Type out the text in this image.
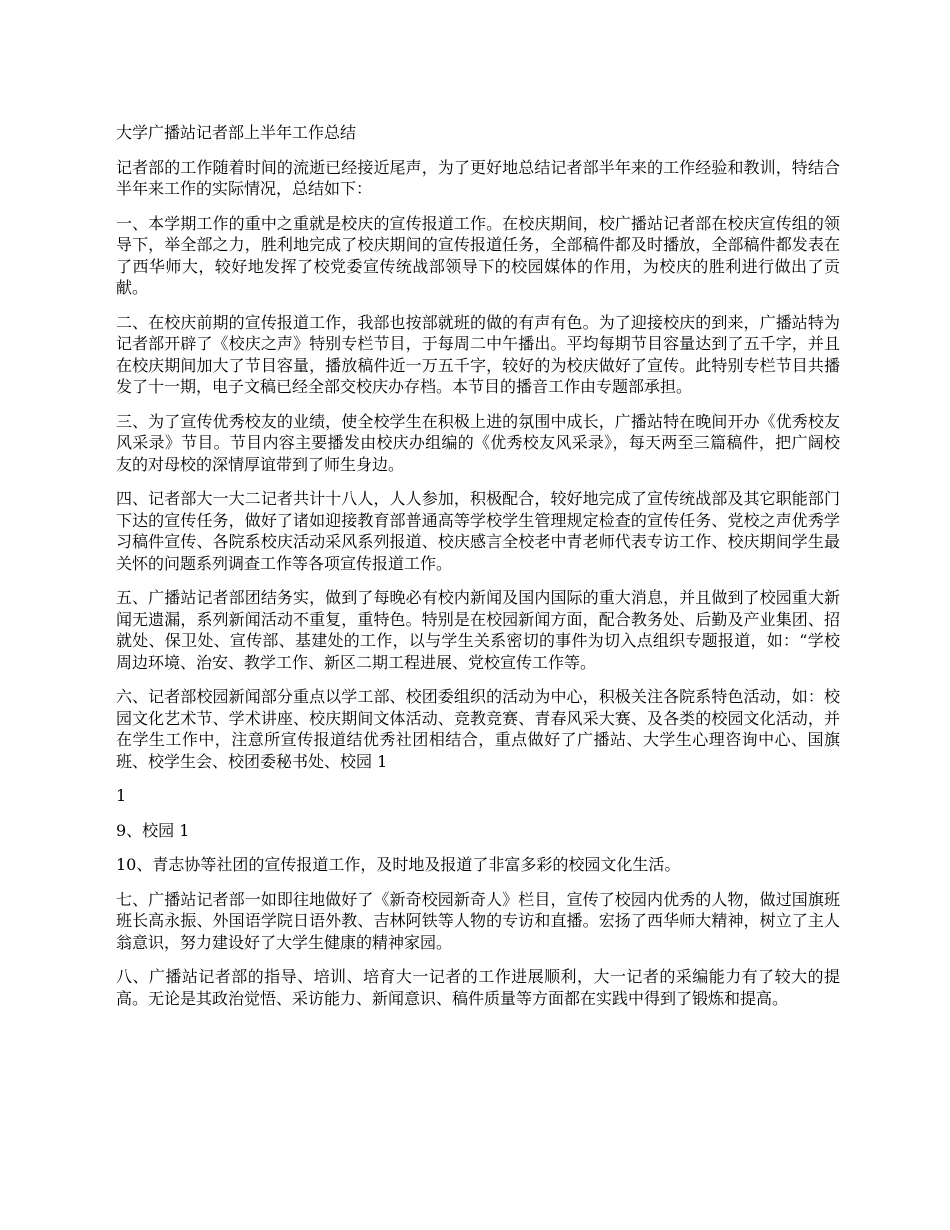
大学广播站记者部上半年工作总结

记者部的工作随着时间的流逝已经接近尾声，为了更好地总结记者部半年来的工作经验和教训，特结合半年来工作的实际情况，总结如下：

一、本学期工作的重中之重就是校庆的宣传报道工作。在校庆期间，校广播站记者部在校庆宣传组的领导下，举全部之力，胜利地完成了校庆期间的宣传报道任务，全部稿件都及时播放，全部稿件都发表在了西华师大，较好地发挥了校党委宣传统战部领导下的校园媒体的作用，为校庆的胜利进行做出了贡献。

二、在校庆前期的宣传报道工作，我部也按部就班的做的有声有色。为了迎接校庆的到来，广播站特为记者部开辟了《校庆之声》特别专栏节目，于每周二中午播出。平均每期节目容量达到了五千字，并且在校庆期间加大了节目容量，播放稿件近一万五千字，较好的为校庆做好了宣传。此特别专栏节目共播发了十一期，电子文稿已经全部交校庆办存档。本节目的播音工作由专题部承担。

三、为了宣传优秀校友的业绩，使全校学生在积极上进的氛围中成长，广播站特在晚间开办《优秀校友风采录》节目。节目内容主要播发由校庆办组编的《优秀校友风采录》，每天两至三篇稿件，把广阔校友的对母校的深情厚谊带到了师生身边。

四、记者部大一大二记者共计十八人，人人参加，积极配合，较好地完成了宣传统战部及其它职能部门下达的宣传任务，做好了诸如迎接教育部普通高等学校学生管理规定检查的宣传任务、党校之声优秀学习稿件宣传、各院系校庆活动采风系列报道、校庆感言全校老中青老师代表专访工作、校庆期间学生最关怀的问题系列调查工作等各项宣传报道工作。

五、广播站记者部团结务实，做到了每晚必有校内新闻及国内国际的重大消息，并且做到了校园重大新闻无遗漏，系列新闻活动不重复，重特色。特别是在校园新闻方面，配合教务处、后勤及产业集团、招就处、保卫处、宣传部、基建处的工作，以与学生关系密切的事件为切入点组织专题报道，如：“学校周边环境、治安、教学工作、新区二期工程进展、党校宣传工作等。

六、记者部校园新闻部分重点以学工部、校团委组织的活动为中心，积极关注各院系特色活动，如：校园文化艺术节、学术讲座、校庆期间文体活动、竞教竞赛、青春风采大赛、及各类的校园文化活动，并在学生工作中，注意所宣传报道结优秀社团相结合，重点做好了广播站、大学生心理咨询中心、国旗班、校学生会、校团委秘书处、校园 1

1

9、校园 1

10、青志协等社团的宣传报道工作，及时地及报道了非富多彩的校园文化生活。

七、广播站记者部一如即往地做好了《新奇校园新奇人》栏目，宣传了校园内优秀的人物，做过国旗班班长高永振、外国语学院日语外教、吉林阿铁等人物的专访和直播。宏扬了西华师大精神，树立了主人翁意识，努力建设好了大学生健康的精神家园。

八、广播站记者部的指导、培训、培育大一记者的工作进展顺利，大一记者的采编能力有了较大的提高。无论是其政治觉悟、采访能力、新闻意识、稿件质量等方面都在实践中得到了锻炼和提高。
